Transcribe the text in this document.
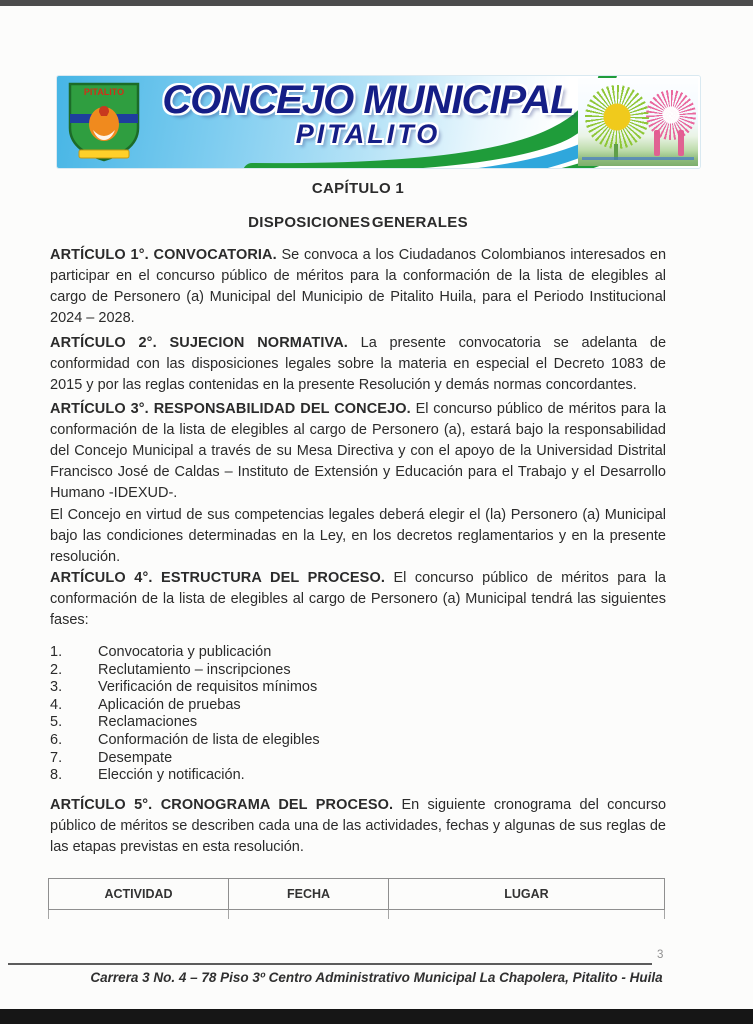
PITALITO CONCEJO MUNICIPAL
PITALITO
CAPÍTULO 1
DISPOSICIONES GENERALES

ARTÍCULO 1°. CONVOCATORIA. Se convoca a los Ciudadanos Colombianos interesados en participar en el concurso público de méritos para la conformación de la lista de elegibles al cargo de Personero (a) Municipal del Municipio de Pitalito Huila, para el Periodo Institucional 2024 – 2028.

ARTÍCULO 2°. SUJECION NORMATIVA. La presente convocatoria se adelanta de conformidad con las disposiciones legales sobre la materia en especial el Decreto 1083 de 2015 y por las reglas contenidas en la presente Resolución y demás normas concordantes.

ARTÍCULO 3°. RESPONSABILIDAD DEL CONCEJO. El concurso público de méritos para la conformación de la lista de elegibles al cargo de Personero (a), estará bajo la responsabilidad del Concejo Municipal a través de su Mesa Directiva y con el apoyo de la Universidad Distrital Francisco José de Caldas – Instituto de Extensión y Educación para el Trabajo y el Desarrollo Humano -IDEXUD-.

El Concejo en virtud de sus competencias legales deberá elegir el (la) Personero (a) Municipal bajo las condiciones determinadas en la Ley, en los decretos reglamentarios y en la presente resolución.

ARTÍCULO 4°. ESTRUCTURA DEL PROCESO. El concurso público de méritos para la conformación de la lista de elegibles al cargo de Personero (a) Municipal tendrá las siguientes fases:

1.	Convocatoria y publicación
2.	Reclutamiento – inscripciones
3.	Verificación de requisitos mínimos
4.	Aplicación de pruebas
5.	Reclamaciones
6.	Conformación de lista de elegibles
7.	Desempate
8.	Elección y notificación.

ARTÍCULO 5°. CRONOGRAMA DEL PROCESO. En siguiente cronograma del concurso público de méritos se describen cada una de las actividades, fechas y algunas de sus reglas de las etapas previstas en esta resolución.

ACTIVIDAD	FECHA	LUGAR

3
Carrera 3 No. 4 – 78 Piso 3º Centro Administrativo Municipal La Chapolera, Pitalito - Huila
